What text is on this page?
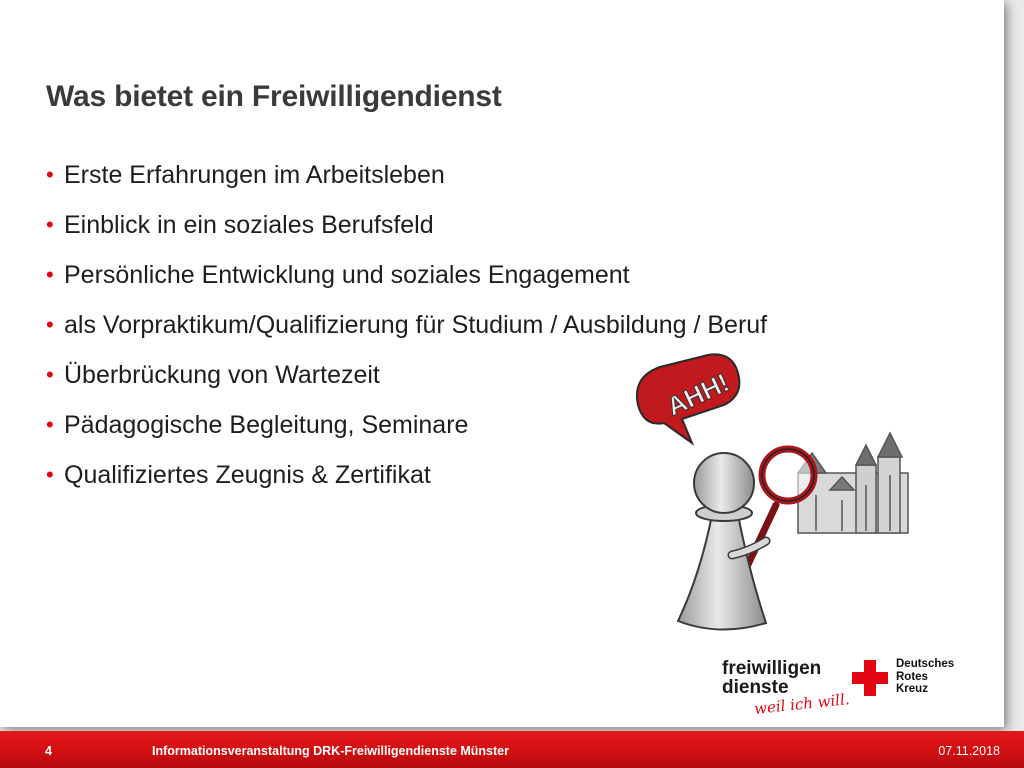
Was bietet ein Freiwilligendienst
• Erste Erfahrungen im Arbeitsleben
• Einblick in ein soziales Berufsfeld
• Persönliche Entwicklung und soziales Engagement
• als Vorpraktikum/Qualifizierung für Studium / Ausbildung / Beruf
• Überbrückung von Wartezeit
• Pädagogische Begleitung, Seminare
• Qualifiziertes Zeugnis & Zertifikat
AHH!
freiwilligen
dienste
weil ich will.
Deutsches
Rotes
Kreuz
4	Informationsveranstaltung DRK-Freiwilligendienste Münster	07.11.2018
